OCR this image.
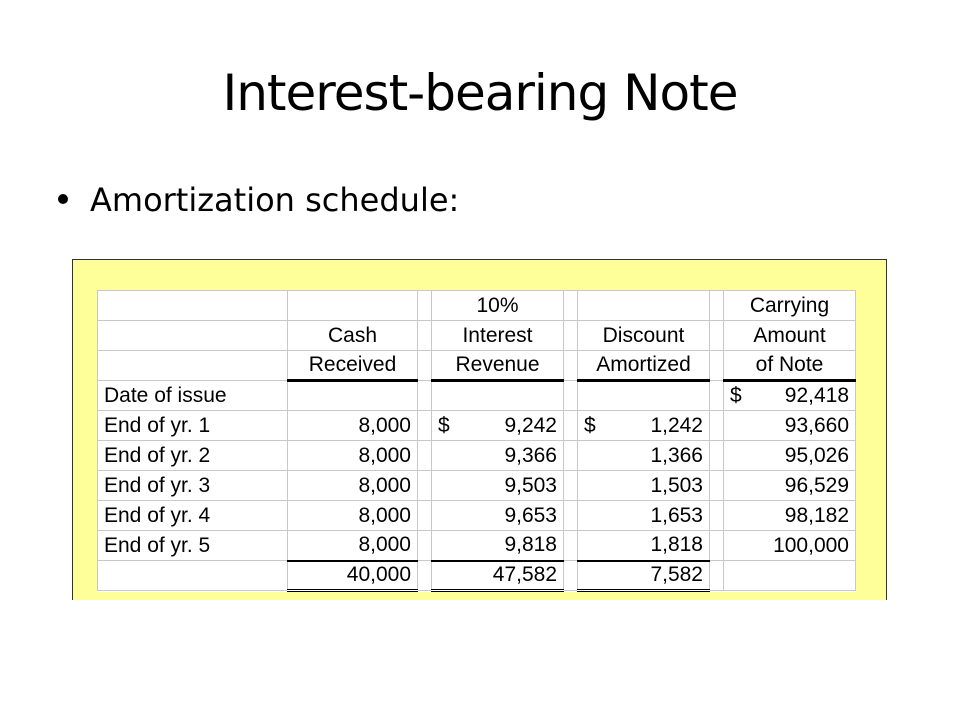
Interest-bearing Note
Amortization schedule:
			10%				Carrying
	Cash		Interest		Discount		Amount
	Received		Revenue		Amortized		of Note
Date of issue							$ 92,418
End of yr. 1	8,000		$ 9,242		$ 1,242		93,660
End of yr. 2	8,000		9,366		1,366		95,026
End of yr. 3	8,000		9,503		1,503		96,529
End of yr. 4	8,000		9,653		1,653		98,182
End of yr. 5	8,000		9,818		1,818		100,000
	40,000		47,582		7,582		
